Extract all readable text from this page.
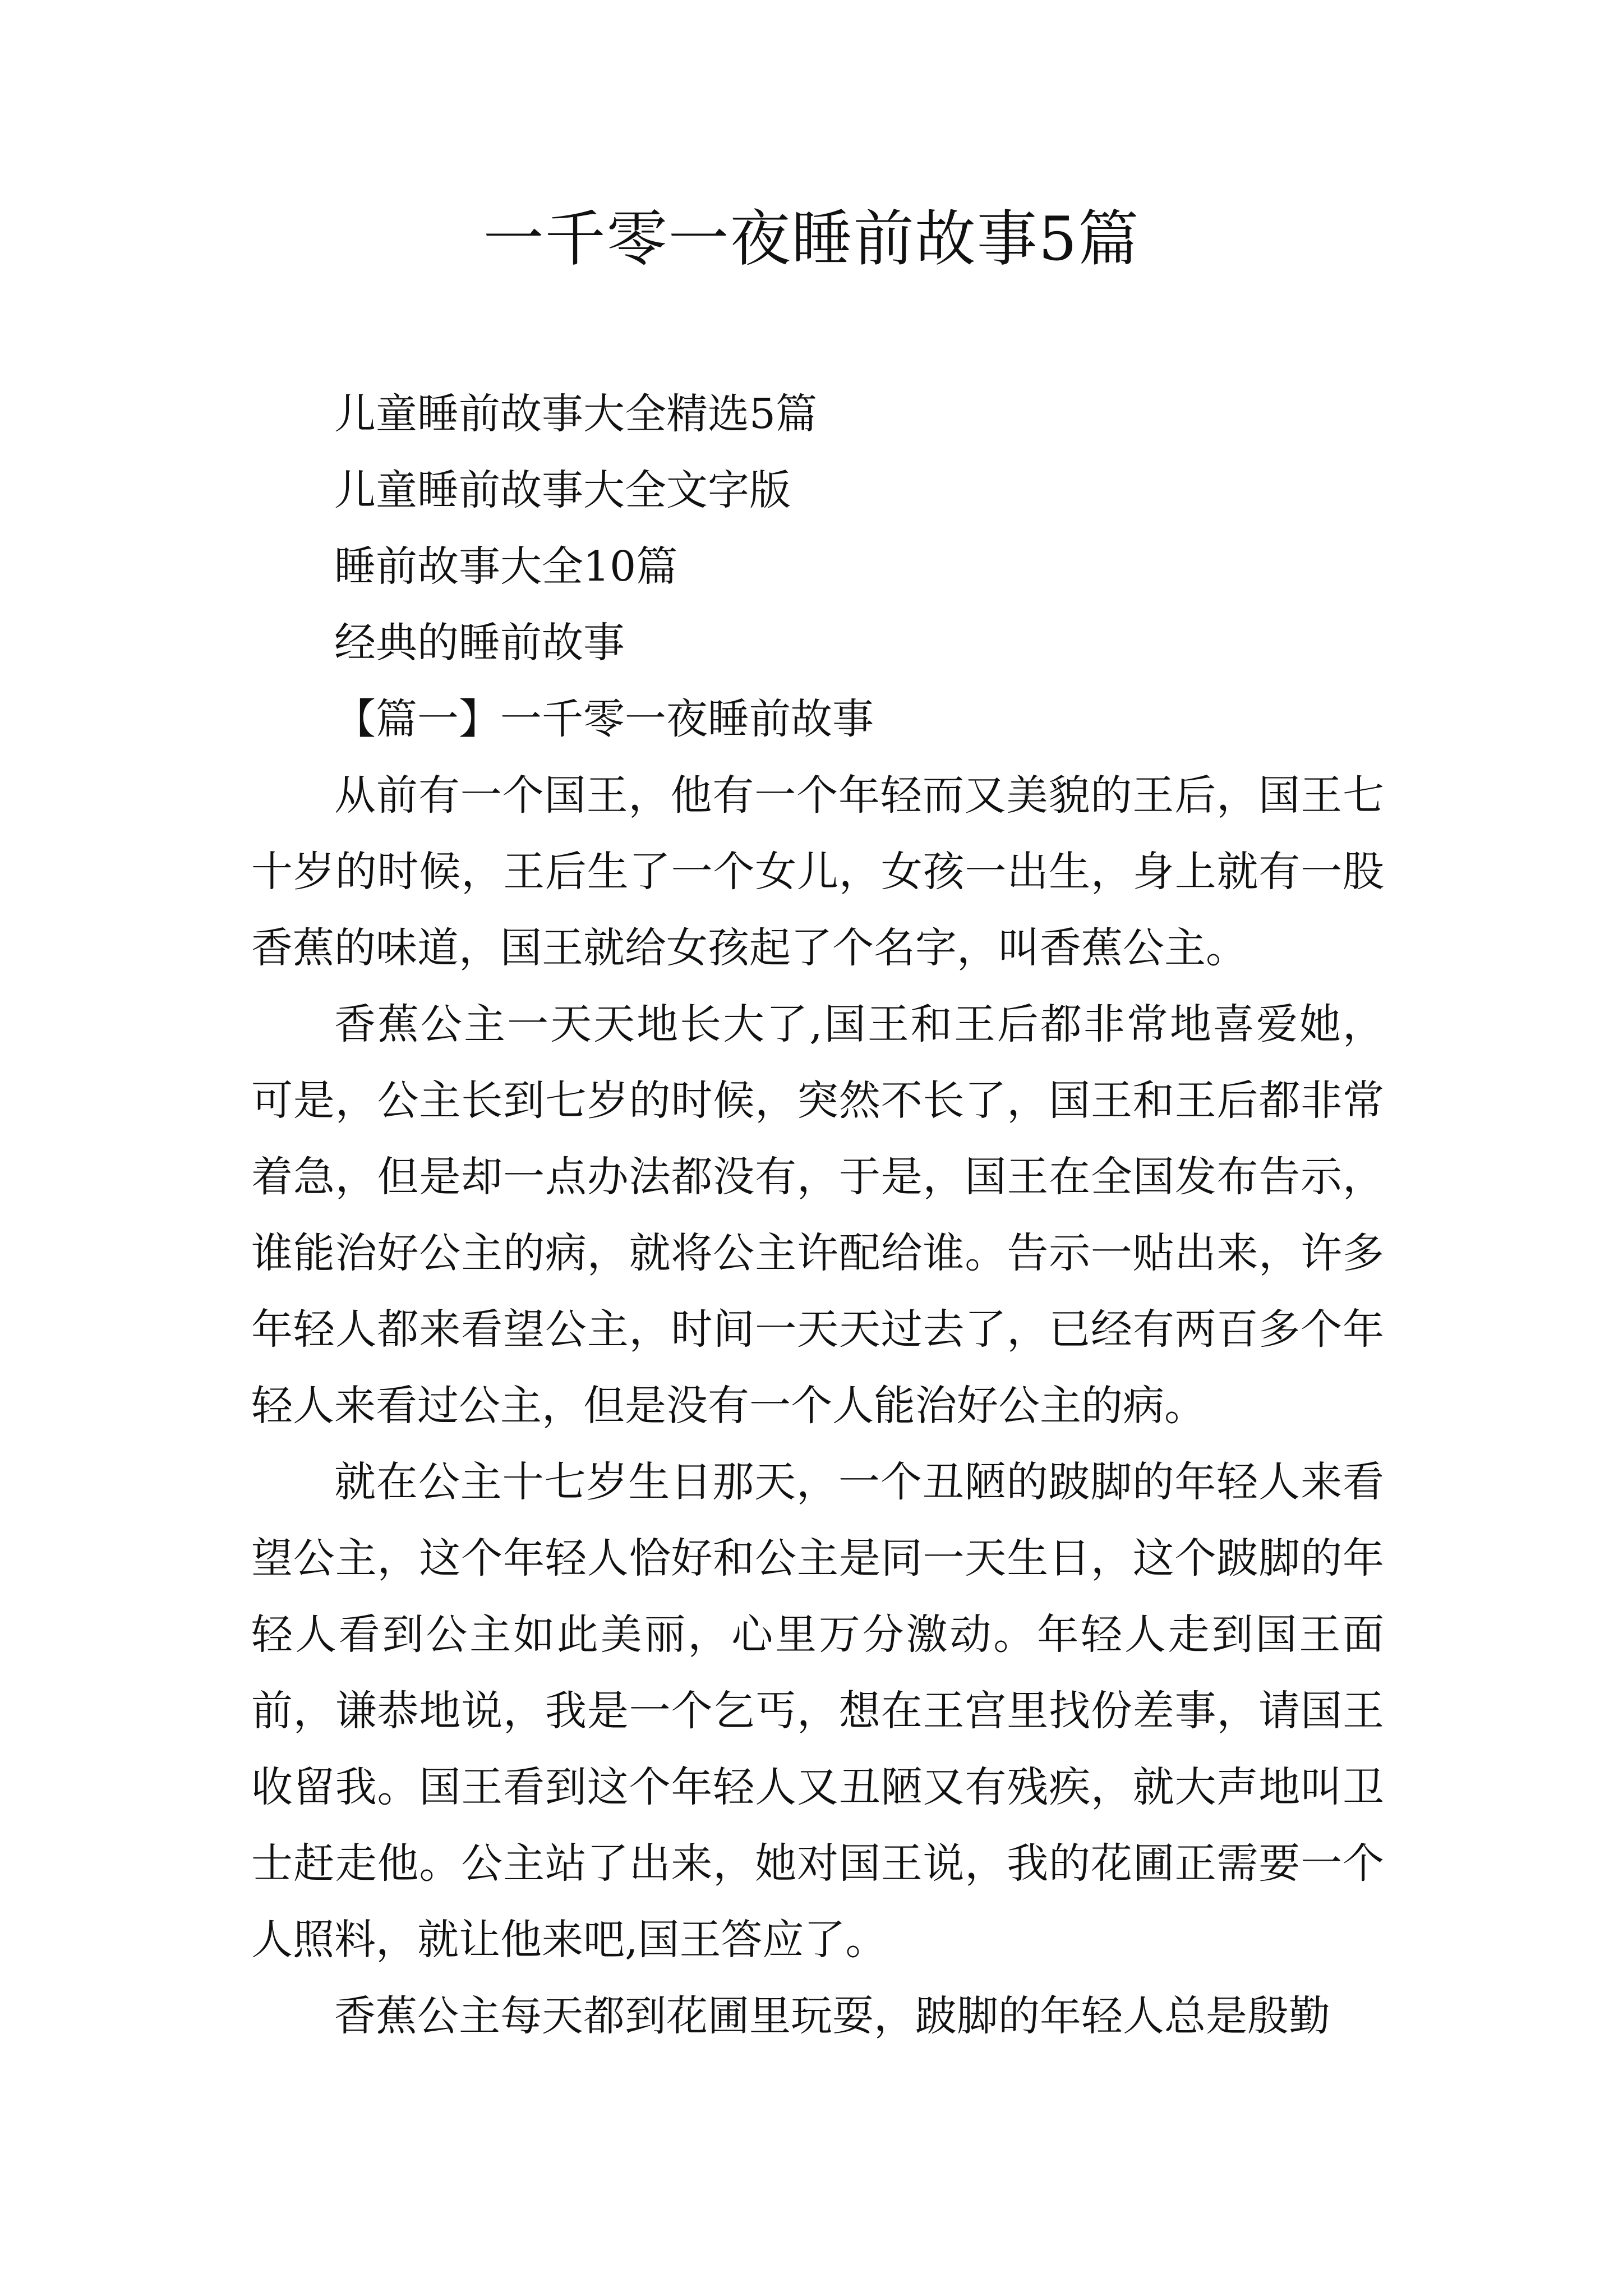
一千零一夜睡前故事5篇
儿童睡前故事大全精选5篇
儿童睡前故事大全文字版
睡前故事大全10篇
经典的睡前故事
【篇一】一千零一夜睡前故事

从前有一个国王，他有一个年轻而又美貌的王后，国王七十岁的时候，王后生了一个女儿，女孩一出生，身上就有一股香蕉的味道，国王就给女孩起了个名字，叫香蕉公主。

香蕉公主一天天地长大了,国王和王后都非常地喜爱她，可是，公主长到七岁的时候，突然不长了，国王和王后都非常着急，但是却一点办法都没有，于是，国王在全国发布告示，谁能治好公主的病，就将公主许配给谁。告示一贴出来，许多年轻人都来看望公主，时间一天天过去了，已经有两百多个年轻人来看过公主，但是没有一个人能治好公主的病。

就在公主十七岁生日那天，一个丑陋的跛脚的年轻人来看望公主，这个年轻人恰好和公主是同一天生日，这个跛脚的年轻人看到公主如此美丽，心里万分激动。年轻人走到国王面前，谦恭地说，我是一个乞丐，想在王宫里找份差事，请国王收留我。国王看到这个年轻人又丑陋又有残疾，就大声地叫卫士赶走他。公主站了出来，她对国王说，我的花圃正需要一个人照料，就让他来吧,国王答应了。

香蕉公主每天都到花圃里玩耍，跛脚的年轻人总是殷勤
